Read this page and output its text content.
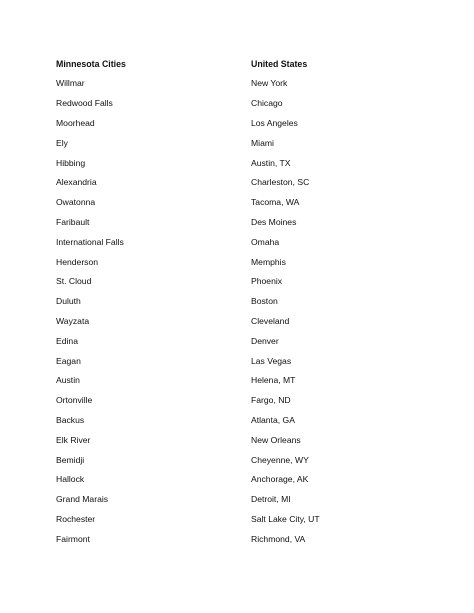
Minnesota Cities	United States
Willmar	New York
Redwood Falls	Chicago
Moorhead	Los Angeles
Ely	Miami
Hibbing	Austin, TX
Alexandria	Charleston, SC
Owatonna	Tacoma, WA
Faribault	Des Moines
International Falls	Omaha
Henderson	Memphis
St. Cloud	Phoenix
Duluth	Boston
Wayzata	Cleveland
Edina	Denver
Eagan	Las Vegas
Austin	Helena, MT
Ortonville	Fargo, ND
Backus	Atlanta, GA
Elk River	New Orleans
Bemidji	Cheyenne, WY
Hallock	Anchorage, AK
Grand Marais	Detroit, MI
Rochester	Salt Lake City, UT
Fairmont	Richmond, VA
